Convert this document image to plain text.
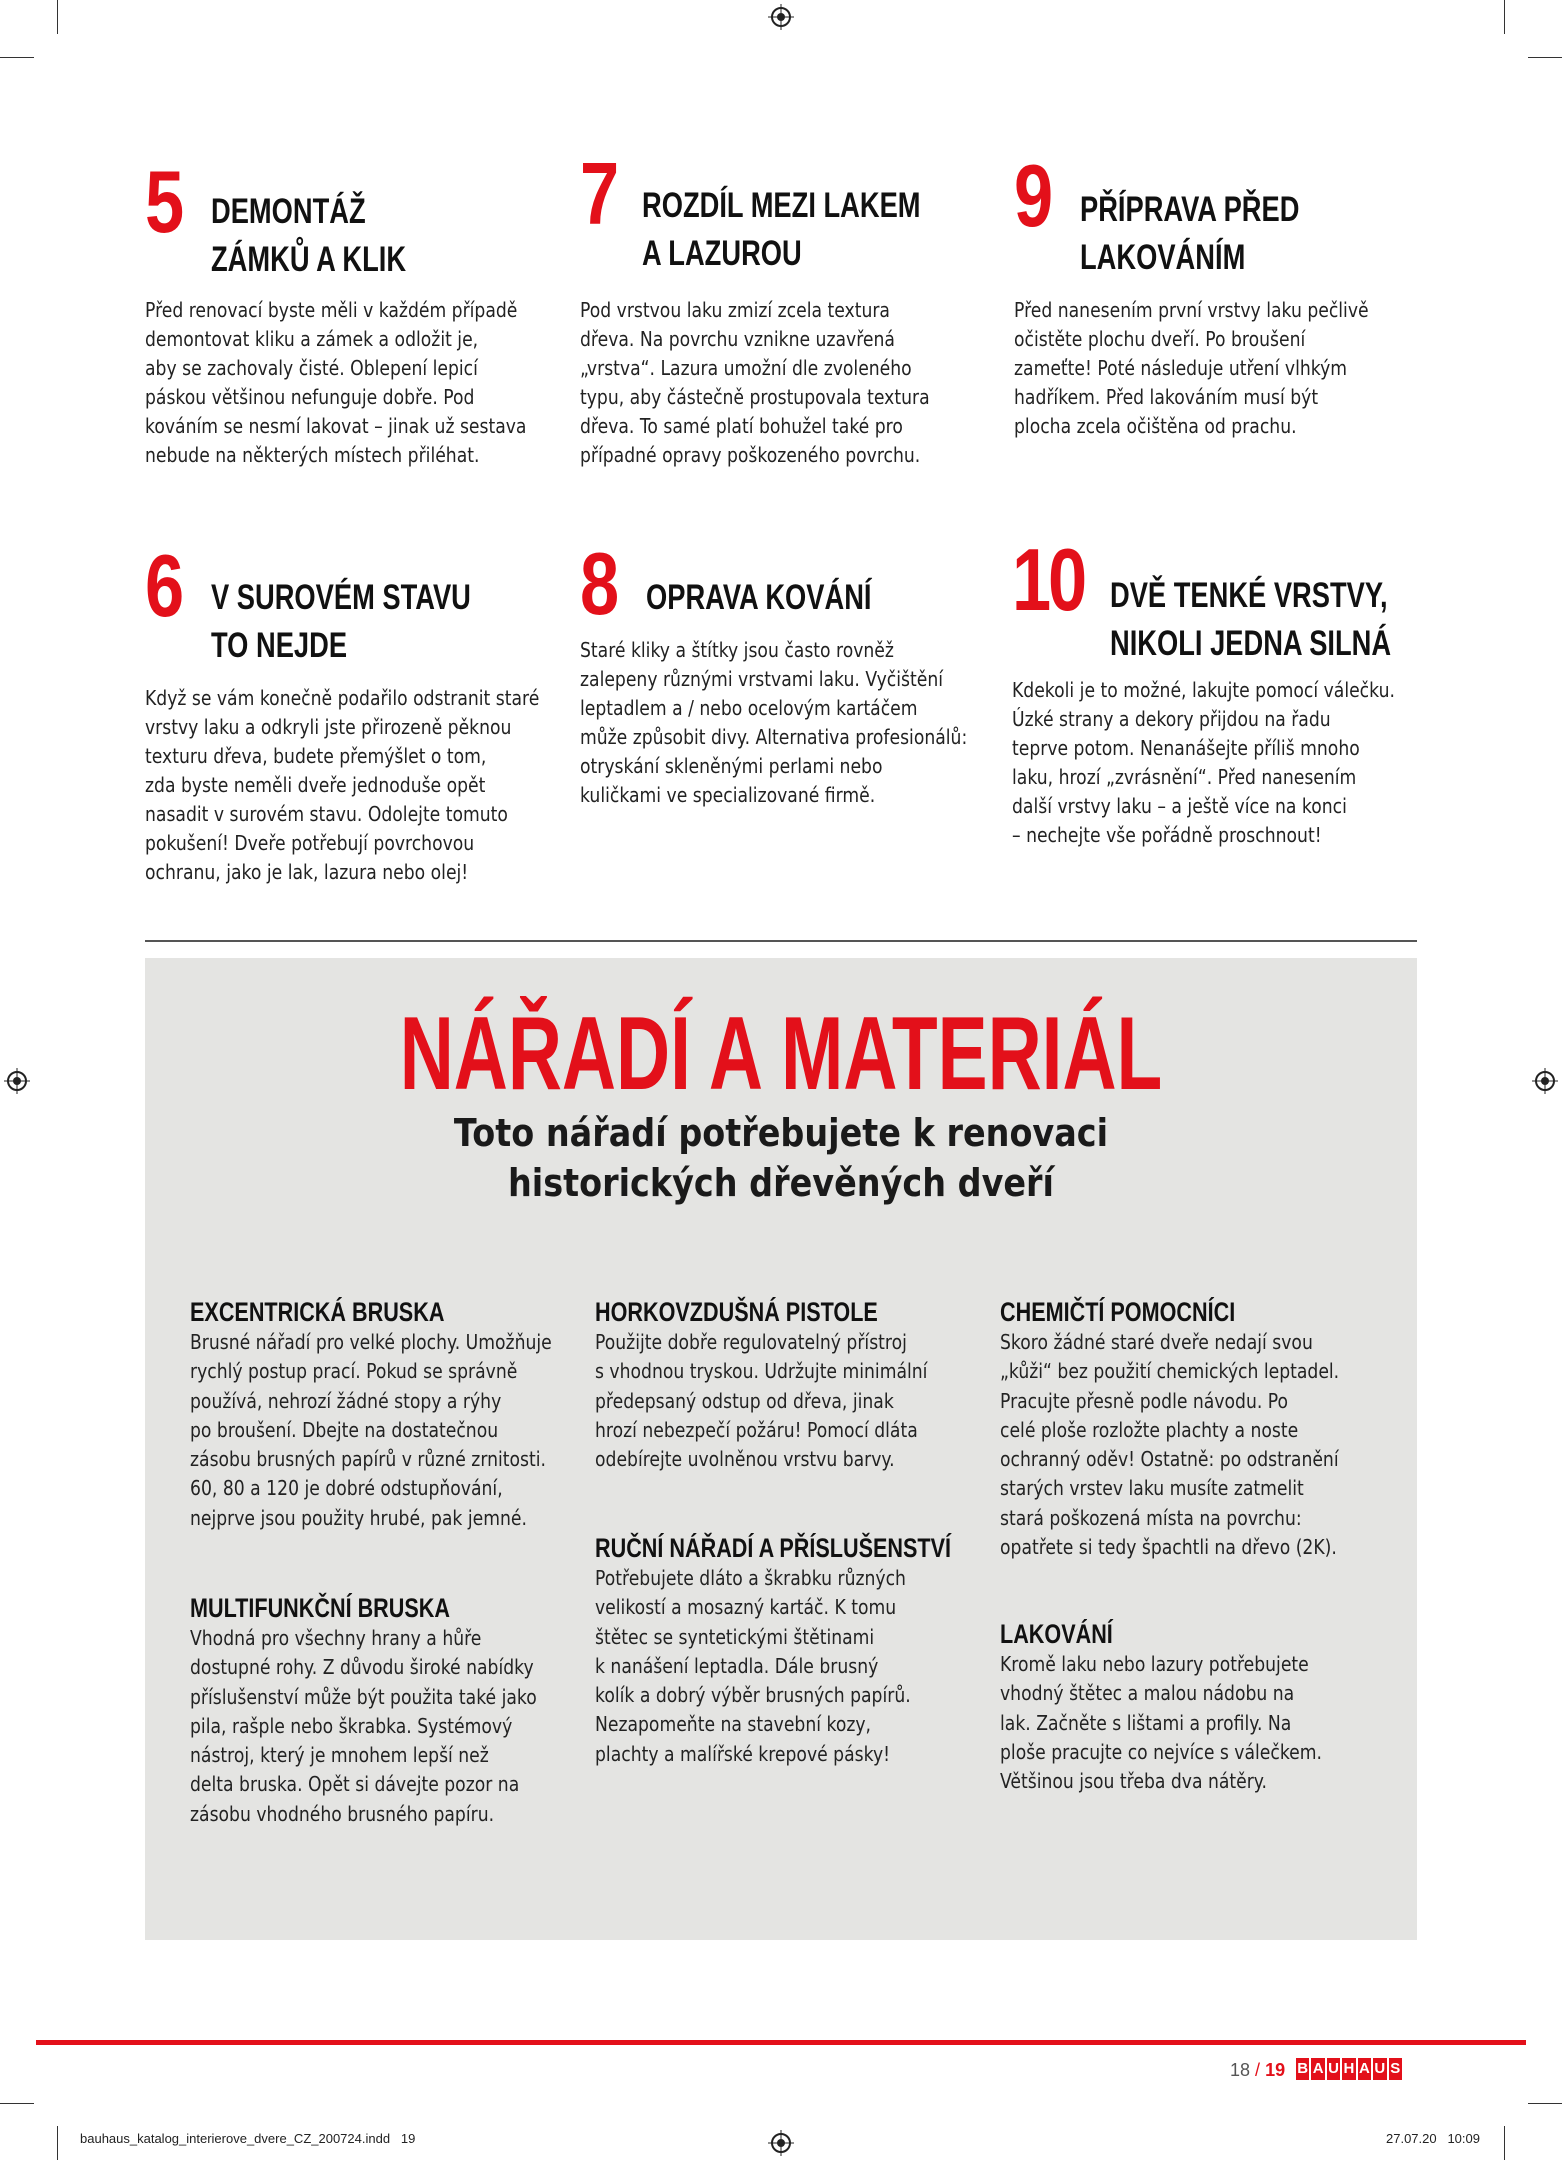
5 DEMONTÁŽ
ZÁMKŮ A KLIK
Před renovací byste měli v každém případě
demontovat kliku a zámek a odložit je,
aby se zachovaly čisté. Oblepení lepicí
páskou většinou nefunguje dobře. Pod
kováním se nesmí lakovat – jinak už sestava
nebude na některých místech přiléhat.
7 ROZDÍL MEZI LAKEM
A LAZUROU
Pod vrstvou laku zmizí zcela textura
dřeva. Na povrchu vznikne uzavřená
„vrstva“. Lazura umožní dle zvoleného
typu, aby částečně prostupovala textura
dřeva. To samé platí bohužel také pro
případné opravy poškozeného povrchu.
9 PŘÍPRAVA PŘED
LAKOVÁNÍM
Před nanesením první vrstvy laku pečlivě
očistěte plochu dveří. Po broušení
zameťte! Poté následuje utření vlhkým
hadříkem. Před lakováním musí být
plocha zcela očištěna od prachu.
6 V SUROVÉM STAVU
TO NEJDE
Když se vám konečně podařilo odstranit staré
vrstvy laku a odkryli jste přirozeně pěknou
texturu dřeva, budete přemýšlet o tom,
zda byste neměli dveře jednoduše opět
nasadit v surovém stavu. Odolejte tomuto
pokušení! Dveře potřebují povrchovou
ochranu, jako je lak, lazura nebo olej!
8 OPRAVA KOVÁNÍ
Staré kliky a štítky jsou často rovněž
zalepeny různými vrstvami laku. Vyčištění
leptadlem a / nebo ocelovým kartáčem
může způsobit divy. Alternativa profesionálů:
otryskání skleněnými perlami nebo
kuličkami ve specializované firmě.
10 DVĚ TENKÉ VRSTVY,
NIKOLI JEDNA SILNÁ
Kdekoli je to možné, lakujte pomocí válečku.
Úzké strany a dekory přijdou na řadu
teprve potom. Nenanášejte příliš mnoho
laku, hrozí „zvrásnění“. Před nanesením
další vrstvy laku – a ještě více na konci
– nechejte vše pořádně proschnout!
NÁŘADÍ A MATERIÁL
Toto nářadí potřebujete k renovaci
historických dřevěných dveří
EXCENTRICKÁ BRUSKA
Brusné nářadí pro velké plochy. Umožňuje
rychlý postup prací. Pokud se správně
používá, nehrozí žádné stopy a rýhy
po broušení. Dbejte na dostatečnou
zásobu brusných papírů v různé zrnitosti.
60, 80 a 120 je dobré odstupňování,
nejprve jsou použity hrubé, pak jemné.
MULTIFUNKČNÍ BRUSKA
Vhodná pro všechny hrany a hůře
dostupné rohy. Z důvodu široké nabídky
příslušenství může být použita také jako
pila, rašple nebo škrabka. Systémový
nástroj, který je mnohem lepší než
delta bruska. Opět si dávejte pozor na
zásobu vhodného brusného papíru.
HORKOVZDUŠNÁ PISTOLE
Použijte dobře regulovatelný přístroj
s vhodnou tryskou. Udržujte minimální
předepsaný odstup od dřeva, jinak
hrozí nebezpečí požáru! Pomocí dláta
odebírejte uvolněnou vrstvu barvy.
RUČNÍ NÁŘADÍ A PŘÍSLUŠENSTVÍ
Potřebujete dláto a škrabku různých
velikostí a mosazný kartáč. K tomu
štětec se syntetickými štětinami
k nanášení leptadla. Dále brusný
kolík a dobrý výběr brusných papírů.
Nezapomeňte na stavební kozy,
plachty a malířské krepové pásky!
CHEMIČTÍ POMOCNÍCI
Skoro žádné staré dveře nedají svou
„kůži“ bez použití chemických leptadel.
Pracujte přesně podle návodu. Po
celé ploše rozložte plachty a noste
ochranný oděv! Ostatně: po odstranění
starých vrstev laku musíte zatmelit
stará poškozená místa na povrchu:
opatřete si tedy špachtli na dřevo (2K).
LAKOVÁNÍ
Kromě laku nebo lazury potřebujete
vhodný štětec a malou nádobu na
lak. Začněte s lištami a profily. Na
ploše pracujte co nejvíce s válečkem.
Většinou jsou třeba dva nátěry.
18 / 19 B A U H A U S
bauhaus_katalog_interierove_dvere_CZ_200724.indd   19	27.07.20   10:09
